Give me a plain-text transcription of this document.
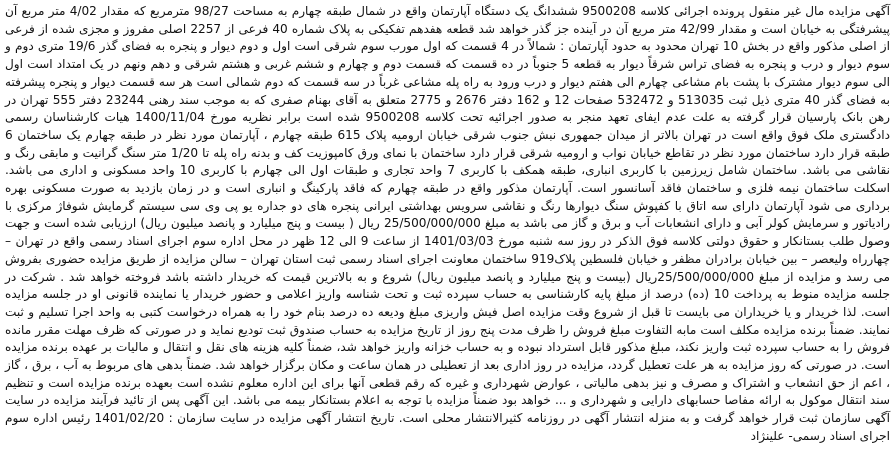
آگهی مزایده مال غیر منقول پرونده اجرائی کلاسه 9500208 ششدانگ یک دستگاه آپارتمان واقع در شمال طبقه چهارم به مساحت 98/27 مترمربع که مقدار 4/02 متر مربع آن پیشرفتگی به خیابان است و مقدار 42/99 متر مربع آن در آینده جز گذر خواهد شد قطعه هفدهم تفکیکی به پلاک شماره 40 فرعی از 2257 اصلی مفروز و مجزی شده از فرعی از اصلی مذکور واقع در بخش 10 تهران محدود به حدود آپارتمان : شمالاً در 4 قسمت که اول مورب سوم شرقی است اول و دوم دیوار و پنجره به فضای گذر 19/6 متری دوم و سوم دیوار و درب و پنجره به فضای تراس شرقاً دیوار به قطعه 5 جنوباً در ده قسمت که قسمت دوم و چهارم و ششم غربی و هشتم شرقی و دهم ونهم در یک امتداد است اول الی سوم دیوار مشترک با پشت بام مشاعی چهارم الی هفتم دیوار و درب ورود به راه پله مشاعی غرباً در سه قسمت که دوم شمالی است هر سه قسمت دیوار و پنجره پیشرفته به فضای گذر 40 متری ذیل ثبت 513035 و 532472 صفحات 12 و 162 دفتر 2676 و 2775 متعلق به آقای بهنام صفری که به موجب سند رهنی 23244 دفتر 555 تهران در رهن بانک پارسیان قرار گرفته به علت عدم ایفای تعهد منجر به صدور اجرائیه تحت کلاسه 9500208 شده است برابر نظریه مورخ 1400/11/04 هیات کارشناسان رسمی دادگستری ملک فوق واقع است در تهران بالاتر از میدان جمهوری نبش جنوب شرقی خیابان ارومیه پلاک 615 طبقه چهارم ، آپارتمان مورد نظر در طبقه چهارم یک ساختمان 6 طبقه قرار دارد ساختمان مورد نظر در تقاطع خیابان نواب و ارومیه شرقی قرار دارد ساختمان با نمای ورق کامپوزیت کف و بدنه راه پله تا 1/20 متر سنگ گرانیت و مابقی رنگ و نقاشی می باشد. ساختمان شامل زیرزمین با کاربری انباری، طبقه همکف با کاربری 7 واحد تجاری و طبقات اول الی چهارم با کاربری 10 واحد مسکونی و اداری می باشد. اسکلت ساختمان نیمه فلزی و ساختمان فاقد آسانسور است. آپارتمان مذکور واقع در طبقه چهارم که فاقد پارکینگ و انباری است و در زمان بازدید به صورت مسکونی بهره برداری می شود آپارتمان دارای سه اتاق با کفپوش سنگ دیوارها رنگ و نقاشی سرویس بهداشتی ایرانی پنجره های دو جداره یو پی وی سی سیستم گرمایش شوفاژ مرکزی با رادیاتور و سرمایش کولر آبی و دارای انشعابات آب و برق و گاز می باشد به مبلغ 25/500/000/000 ریال ( بیست و پنج میلیارد و پانصد میلیون ریال) ارزیابی شده است و جهت وصول طلب بستانکار و حقوق دولتی کلاسه فوق الذکر در روز سه شنبه مورخ 1401/03/03 از ساعت 9 الی 12 ظهر در محل اداره سوم اجرای اسناد رسمی واقع در تهران – چهارراه ولیعصر – بین خیابان برادران مظفر و خیابان فلسطین پلاک919 ساختمان معاونت اجرای اسناد رسمی ثبت استان تهران – سالن مزایده از طریق مزایده حضوری بفروش می رسد و مزایده از مبلغ 25/500/000/000ریال (بیست و پنج میلیارد و پانصد میلیون ریال) شروع و به بالاترین قیمت که خریدار داشته باشد فروخته خواهد شد . شرکت در جلسه مزایده منوط به پرداخت 10 (ده) درصد از مبلغ پایه کارشناسی به حساب سپرده ثبت و تحت شناسه واریز اعلامی و حضور خریدار یا نماینده قانونی او در جلسه مزایده است. لذا خریدار و یا خریداران می بایست تا قبل از شروع وقت مزایده اصل فیش واریزی مبلغ ودیعه ده درصد بنام خود را به همراه درخواست کتبی به واحد اجرا تسلیم و ثبت نمایند. ضمناً برنده مزایده مکلف است مابه التفاوت مبلغ فروش را ظرف مدت پنج روز از تاریخ مزایده به حساب صندوق ثبت تودیع نماید و در صورتی که ظرف مهلت مقرر مانده فروش را به حساب سپرده ثبت واریز نکند، مبلغ مذکور قابل استرداد نبوده و به حساب خزانه واریز خواهد شد، ضمناً کلیه هزینه های نقل و انتقال و مالیات بر عهده برنده مزایده است. در صورتی که روز مزایده به هر علت تعطیل گردد، مزایده در روز اداری بعد از تعطیلی در همان ساعت و مکان برگزار خواهد شد. ضمناً بدهی های مربوط به آب ، برق ، گاز ، اعم از حق انشعاب و اشتراک و مصرف و نیز بدهی مالیاتی ، عوارض شهرداری و غیره که رقم قطعی آنها برای این اداره معلوم نشده است بعهده برنده مزایده است و تنظیم سند انتقال موکول به ارائه مفاصا حسابهای دارایی و شهرداری و ... خواهد بود ضمناً مزایده با توجه به اعلام بستانکار بیمه می باشد. این آگهی پس از تائید فرآیند مزایده در سایت آگهی سازمان ثبت قرار خواهد گرفت و به منزله انتشار آگهی در روزنامه کثیرالانتشار محلی است. تاریخ انتشار آگهی مزایده در سایت سازمان : 1401/02/20 رئیس اداره سوم اجرای اسناد رسمی- علینژاد
